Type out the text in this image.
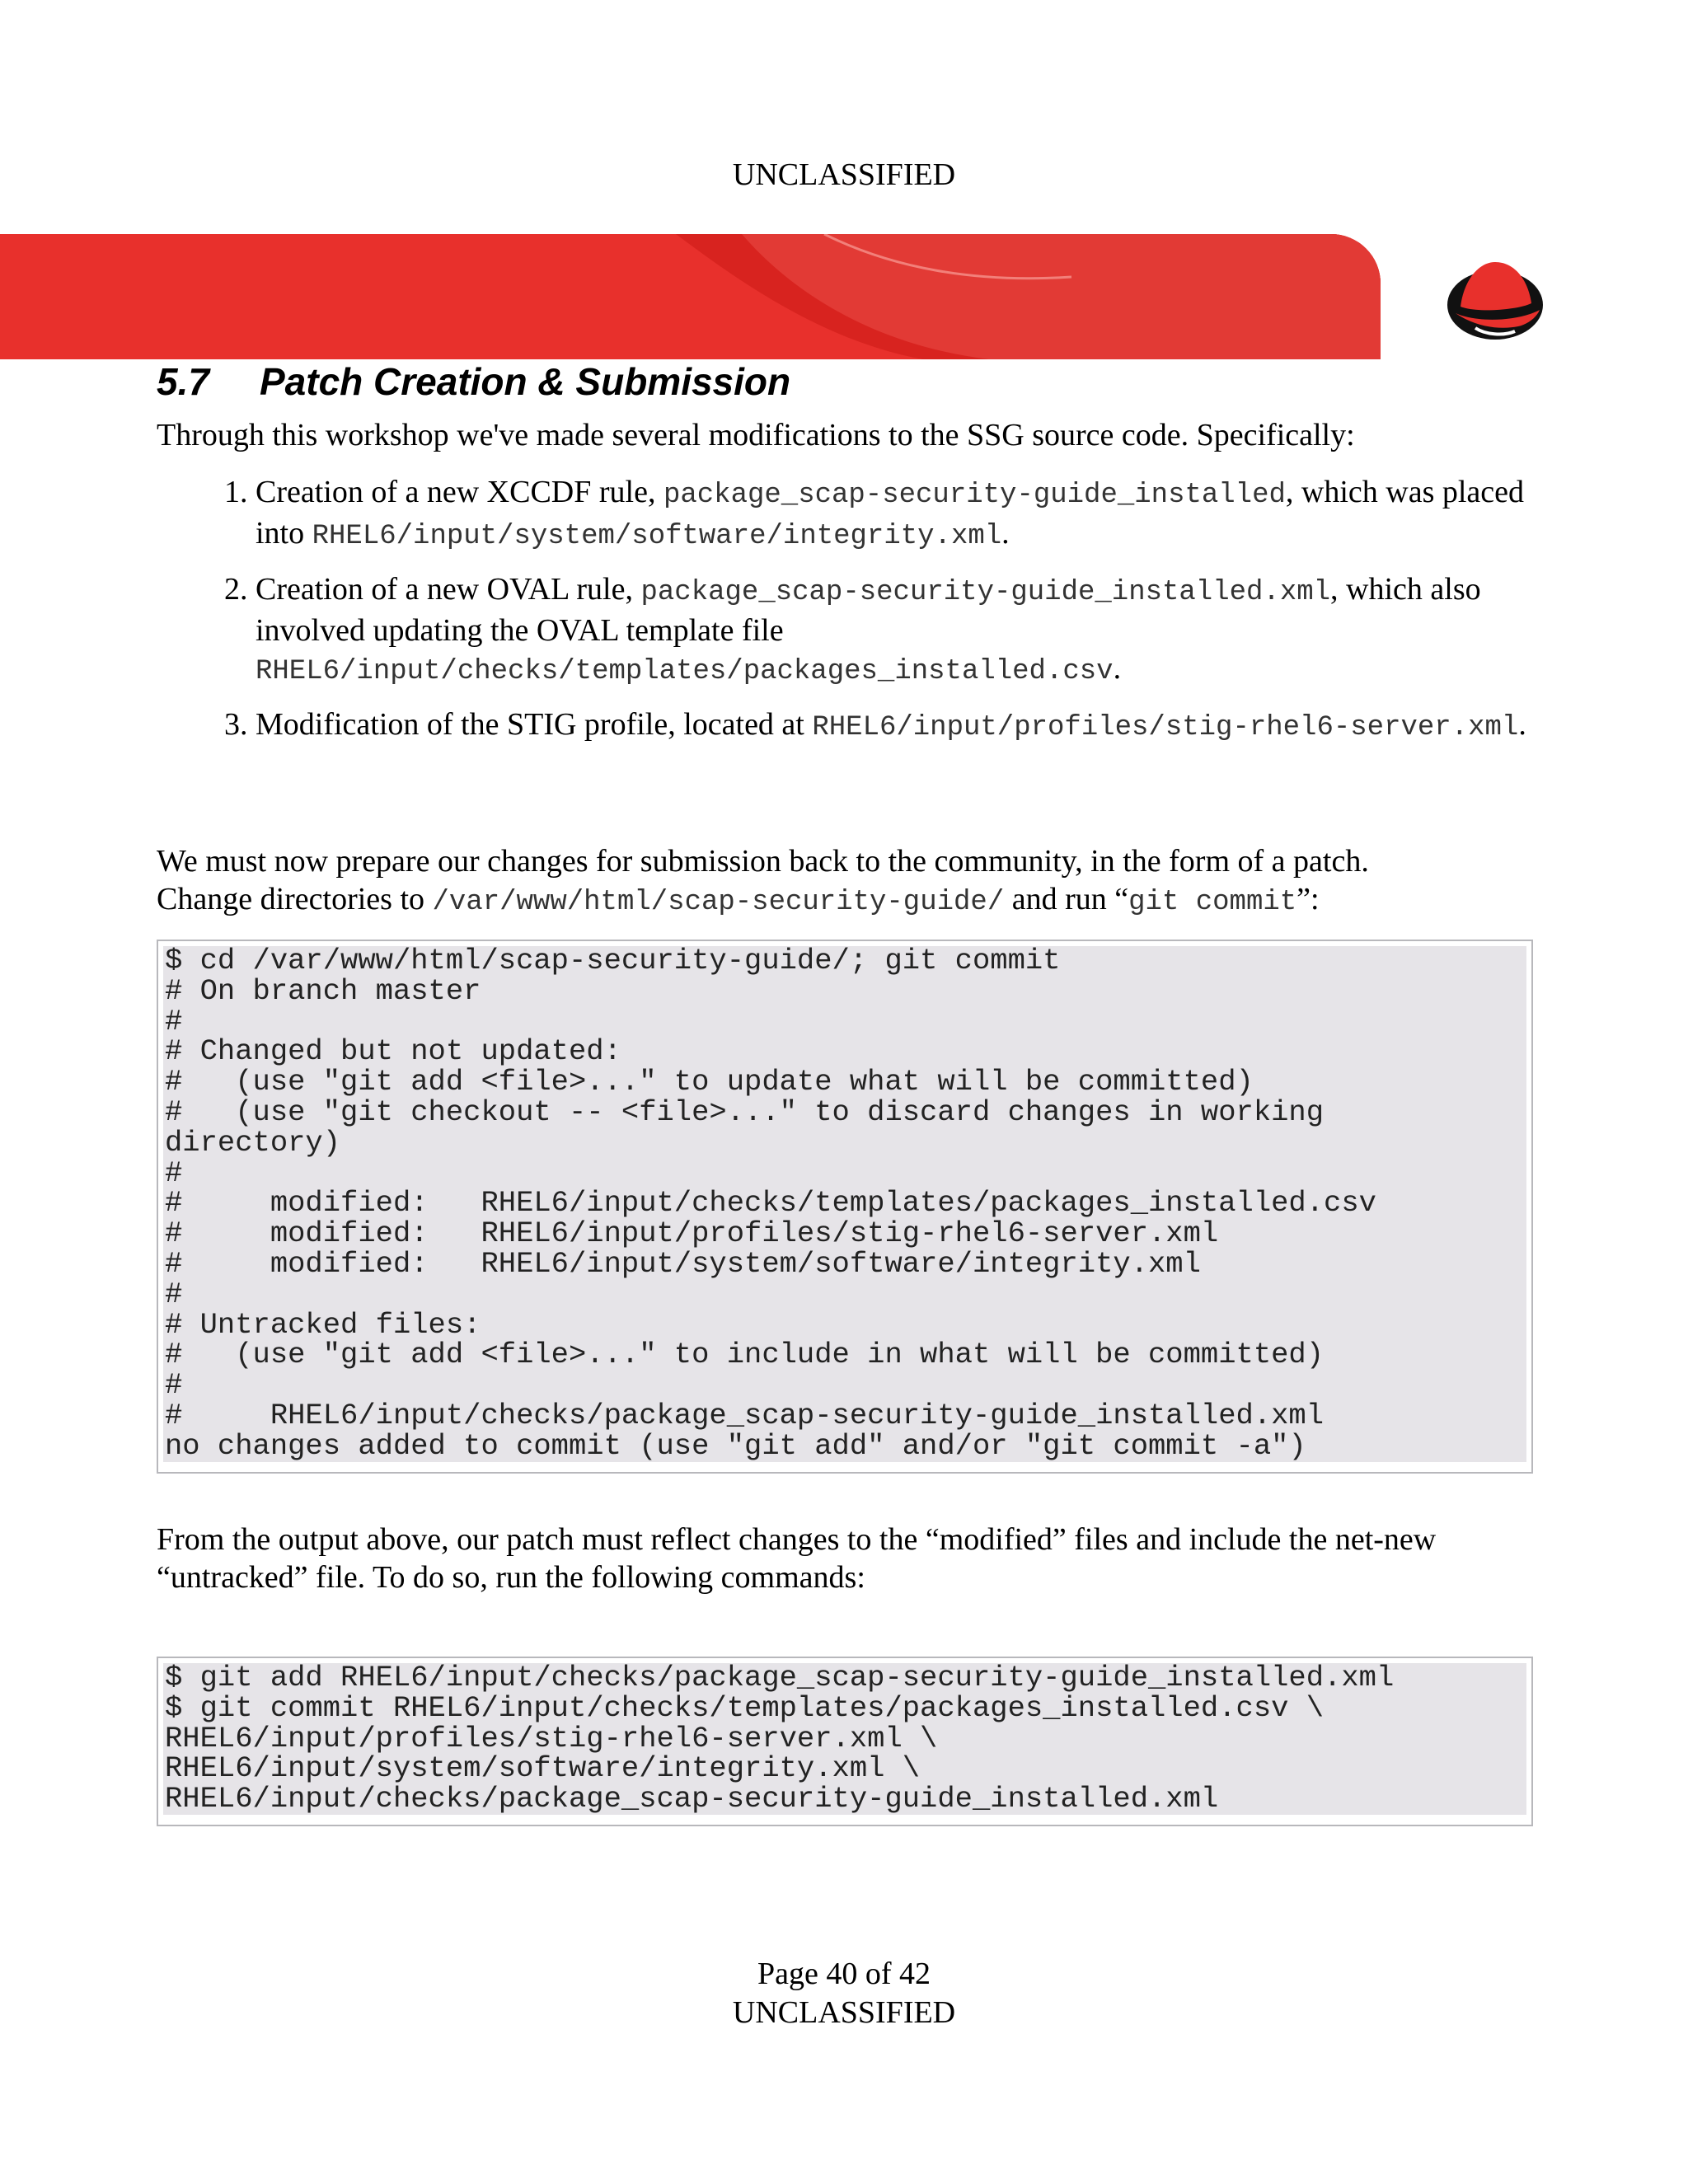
UNCLASSIFIED
5.7 Patch Creation & Submission
Through this workshop we've made several modifications to the SSG source code. Specifically:
1. Creation of a new XCCDF rule, package_scap-security-guide_installed, which was placed into RHEL6/input/system/software/integrity.xml.
2. Creation of a new OVAL rule, package_scap-security-guide_installed.xml, which also involved updating the OVAL template file RHEL6/input/checks/templates/packages_installed.csv.
3. Modification of the STIG profile, located at RHEL6/input/profiles/stig-rhel6-server.xml.
We must now prepare our changes for submission back to the community, in the form of a patch.
Change directories to /var/www/html/scap-security-guide/ and run “git commit”:
$ cd /var/www/html/scap-security-guide/; git commit
# On branch master
#
# Changed but not updated:
#   (use "git add <file>..." to update what will be committed)
#   (use "git checkout -- <file>..." to discard changes in working
directory)
#
#     modified:   RHEL6/input/checks/templates/packages_installed.csv
#     modified:   RHEL6/input/profiles/stig-rhel6-server.xml
#     modified:   RHEL6/input/system/software/integrity.xml
#
# Untracked files:
#   (use "git add <file>..." to include in what will be committed)
#
#     RHEL6/input/checks/package_scap-security-guide_installed.xml
no changes added to commit (use "git add" and/or "git commit -a")
From the output above, our patch must reflect changes to the “modified” files and include the net-new “untracked” file. To do so, run the following commands:
$ git add RHEL6/input/checks/package_scap-security-guide_installed.xml
$ git commit RHEL6/input/checks/templates/packages_installed.csv \
RHEL6/input/profiles/stig-rhel6-server.xml \
RHEL6/input/system/software/integrity.xml \
RHEL6/input/checks/package_scap-security-guide_installed.xml
Page 40 of 42
UNCLASSIFIED
